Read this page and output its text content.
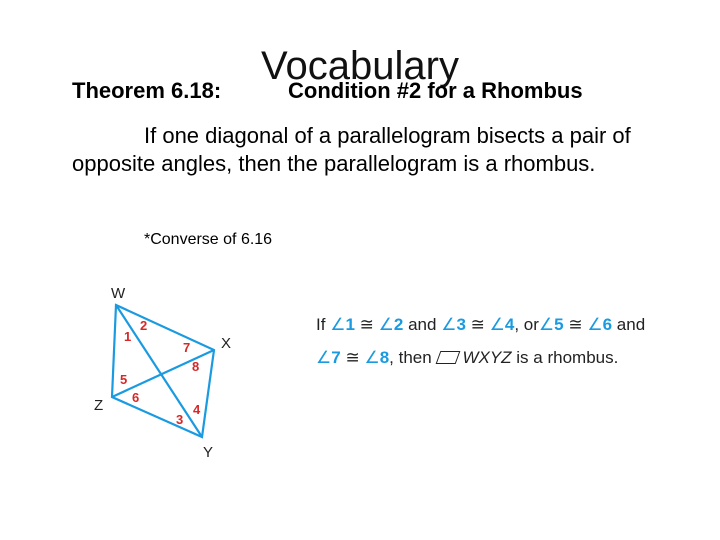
Vocabulary
Theorem 6.18:	Condition #2 for a Rhombus
If one diagonal of a parallelogram bisects a pair of opposite angles, then the parallelogram is a rhombus.
*Converse of 6.16
W
X
Y
Z
1
2
3
4
5
6
7
8
If ∠1 ≅ ∠2 and ∠3 ≅ ∠4, or∠5 ≅ ∠6 and
∠7 ≅ ∠8, then WXYZ is a rhombus.
